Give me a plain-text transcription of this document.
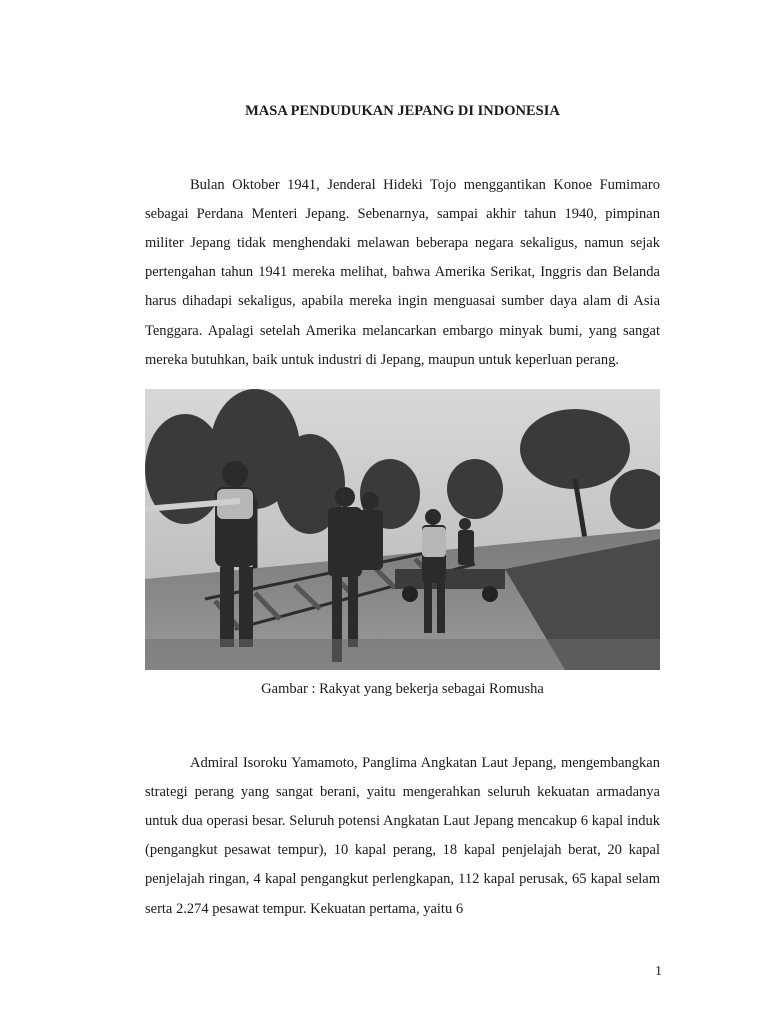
MASA PENDUDUKAN JEPANG DI INDONESIA

Bulan Oktober 1941, Jenderal Hideki Tojo menggantikan Konoe Fumimaro sebagai Perdana Menteri Jepang. Sebenarnya, sampai akhir tahun 1940, pimpinan militer Jepang tidak menghendaki melawan beberapa negara sekaligus, namun sejak pertengahan tahun 1941 mereka melihat, bahwa Amerika Serikat, Inggris dan Belanda harus dihadapi sekaligus, apabila mereka ingin menguasai sumber daya alam di Asia Tenggara. Apalagi setelah Amerika melancarkan embargo minyak bumi, yang sangat mereka butuhkan, baik untuk industri di Jepang, maupun untuk keperluan perang.

Gambar : Rakyat yang bekerja sebagai Romusha

Admiral Isoroku Yamamoto, Panglima Angkatan Laut Jepang, mengembangkan strategi perang yang sangat berani, yaitu mengerahkan seluruh kekuatan armadanya untuk dua operasi besar. Seluruh potensi Angkatan Laut Jepang mencakup 6 kapal induk (pengangkut pesawat tempur), 10 kapal perang, 18 kapal penjelajah berat, 20 kapal penjelajah ringan, 4 kapal pengangkut perlengkapan, 112 kapal perusak, 65 kapal selam serta 2.274 pesawat tempur. Kekuatan pertama, yaitu 6

1
